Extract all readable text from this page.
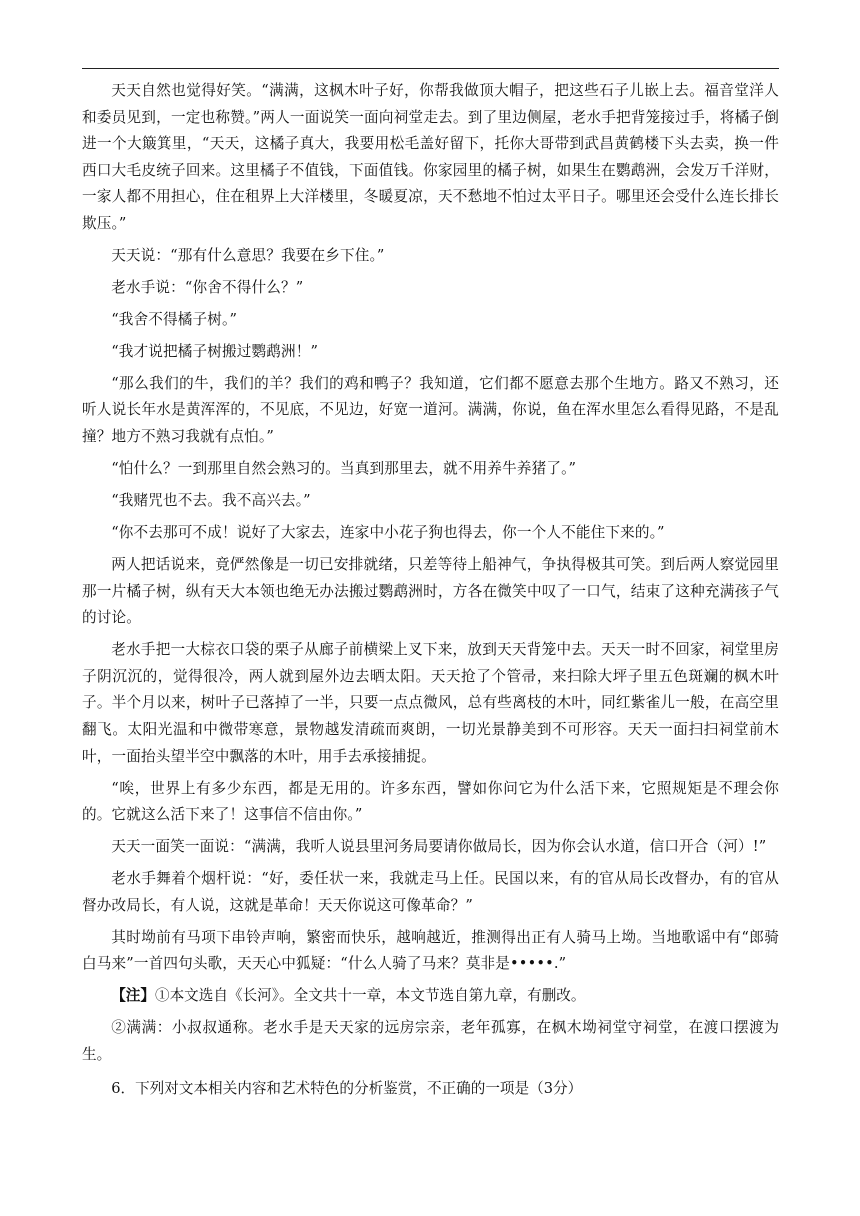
天天自然也觉得好笑。“满满，这枫木叶子好，你帮我做顶大帽子，把这些石子儿嵌上去。福音堂洋人和委员见到，一定也称赞。”两人一面说笑一面向祠堂走去。到了里边侧屋，老水手把背笼接过手，将橘子倒进一个大簸箕里，“天天，这橘子真大，我要用松毛盖好留下，托你大哥带到武昌黄鹤楼下头去卖，换一件西口大毛皮统子回来。这里橘子不值钱，下面值钱。你家园里的橘子树，如果生在鹦鹉洲，会发万千洋财，一家人都不用担心，住在租界上大洋楼里，冬暖夏凉，天不愁地不怕过太平日子。哪里还会受什么连长排长欺压。”

天天说：“那有什么意思？我要在乡下住。”

老水手说：“你舍不得什么？”

“我舍不得橘子树。”

“我才说把橘子树搬过鹦鹉洲！”

“那么我们的牛，我们的羊？我们的鸡和鸭子？我知道，它们都不愿意去那个生地方。路又不熟习，还听人说长年水是黄浑浑的，不见底，不见边，好宽一道河。满满，你说，鱼在浑水里怎么看得见路，不是乱撞？地方不熟习我就有点怕。”

“怕什么？一到那里自然会熟习的。当真到那里去，就不用养牛养猪了。”

“我赌咒也不去。我不高兴去。”

“你不去那可不成！说好了大家去，连家中小花子狗也得去，你一个人不能住下来的。”

两人把话说来，竟俨然像是一切已安排就绪，只差等待上船神气，争执得极其可笑。到后两人察觉园里那一片橘子树，纵有天大本领也绝无办法搬过鹦鹉洲时，方各在微笑中叹了一口气，结束了这种充满孩子气的讨论。

老水手把一大棕衣口袋的栗子从廊子前横梁上叉下来，放到天天背笼中去。天天一时不回家，祠堂里房子阴沉沉的，觉得很冷，两人就到屋外边去晒太阳。天天抢了个管帚，来扫除大坪子里五色斑斓的枫木叶子。半个月以来，树叶子已落掉了一半，只要一点点微风，总有些离枝的木叶，同红紫雀儿一般，在高空里翻飞。太阳光温和中微带寒意，景物越发清疏而爽朗，一切光景静美到不可形容。天天一面扫扫祠堂前木叶，一面抬头望半空中飘落的木叶，用手去承接捕捉。

“唉，世界上有多少东西，都是无用的。许多东西，譬如你问它为什么活下来，它照规矩是不理会你的。它就这么活下来了！这事信不信由你。”

天天一面笑一面说：“满满，我听人说县里河务局要请你做局长，因为你会认水道，信口开合（河）!”

老水手舞着个烟杆说：“好，委任状一来，我就走马上任。民国以来，有的官从局长改督办，有的官从督办改局长，有人说，这就是革命！天天你说这可像革命？”

其时坳前有马项下串铃声响，繁密而快乐，越响越近，推测得出正有人骑马上坳。当地歌谣中有“郎骑白马来”一首四句头歌，天天心中狐疑：“什么人骑了马来？莫非是•••••.”

【注】①本文选自《长河》。全文共十一章，本文节选自第九章，有删改。

②满满：小叔叔通称。老水手是天天家的远房宗亲，老年孤寡，在枫木坳祠堂守祠堂，在渡口摆渡为生。

6．下列对文本相关内容和艺术特色的分析鉴赏，不正确的一项是（3分）
